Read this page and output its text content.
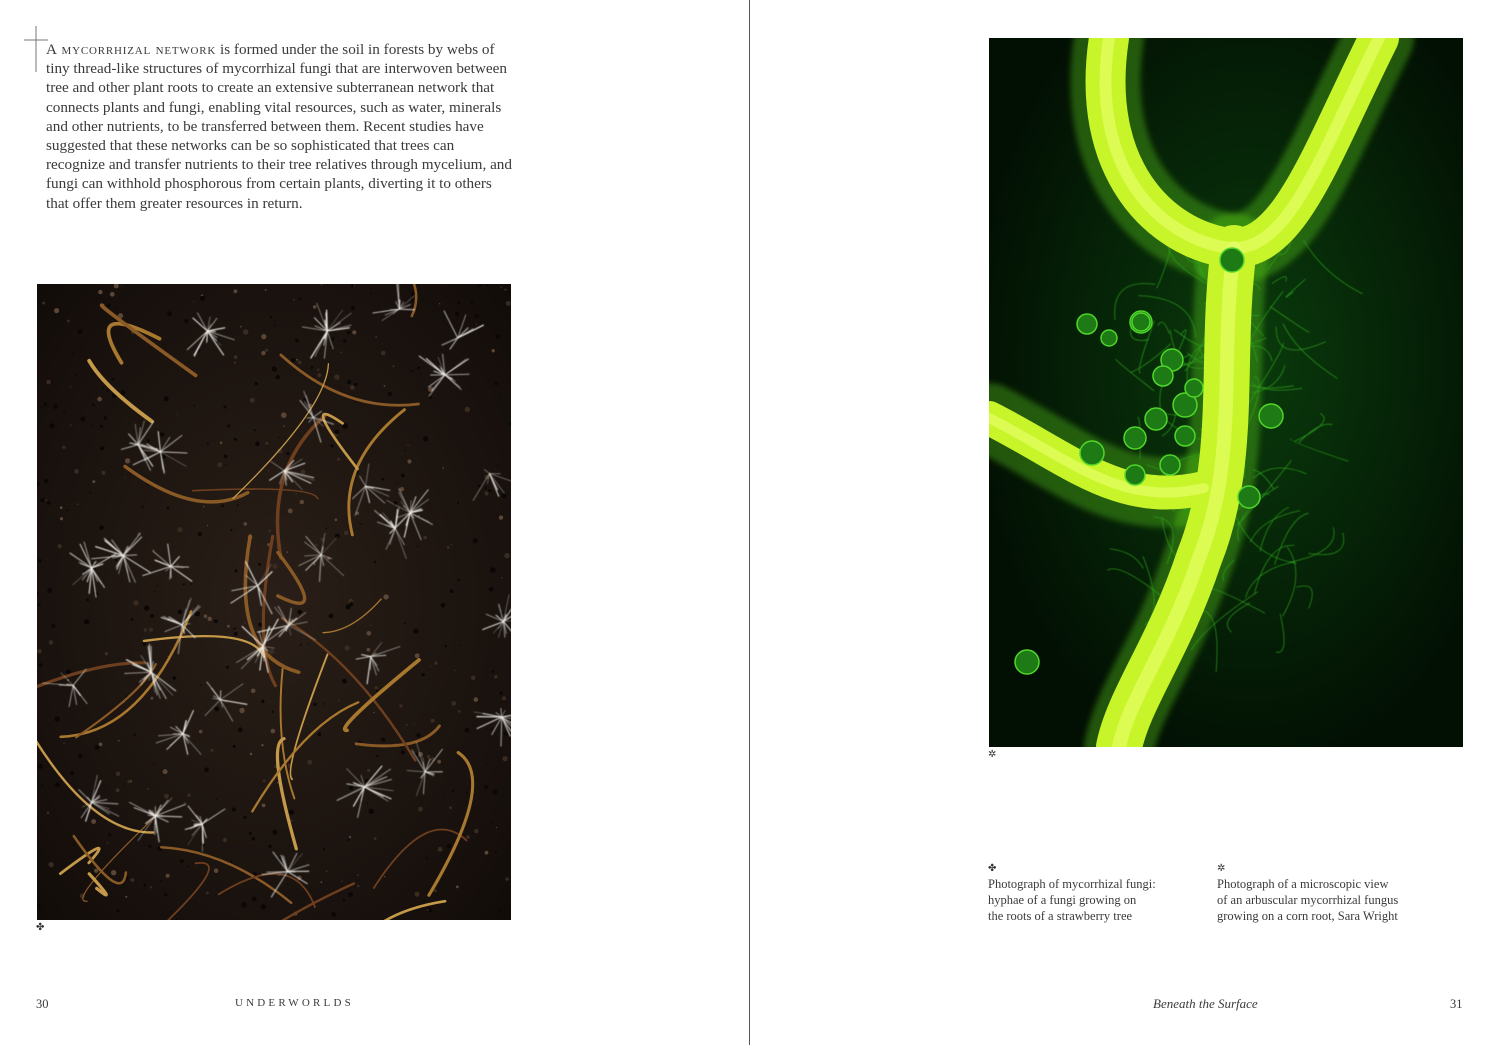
A mycorrhizal network is formed under the soil in forests by webs of tiny thread-like structures of mycorrhizal fungi that are interwoven between tree and other plant roots to create an extensive subterranean network that connects plants and fungi, enabling vital resources, such as water, minerals and other nutrients, to be transferred between them. Recent studies have suggested that these networks can be so sophisticated that trees can recognize and transfer nutrients to their tree relatives through mycelium, and fungi can withhold phosphorous from certain plants, diverting it to others that offer them greater resources in return.

✤
30	UNDERWORLDS
✲
✤

Photograph of mycorrhizal fungi:
hyphae of a fungi growing on
the roots of a strawberry tree

✲

Photograph of a microscopic view
of an arbuscular mycorrhizal fungus
growing on a corn root, Sara Wright

Beneath the Surface	31
